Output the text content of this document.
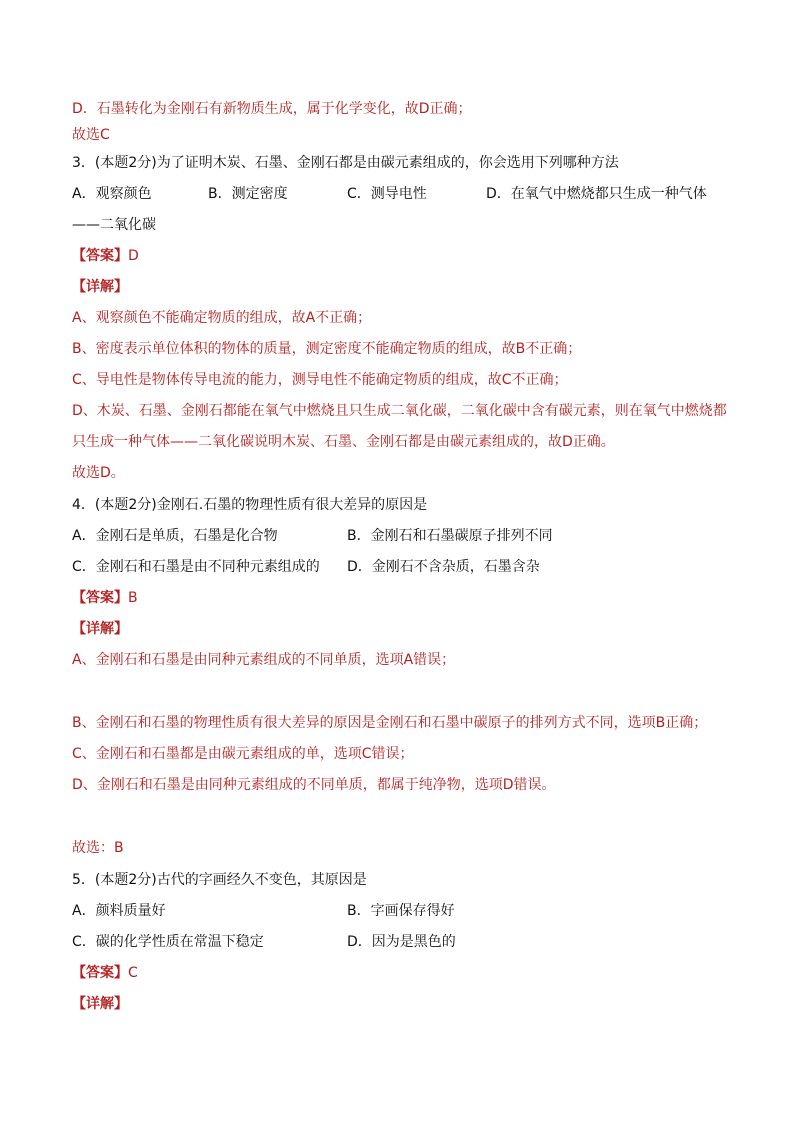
D．石墨转化为金刚石有新物质生成，属于化学变化，故D正确；
故选C
3．(本题2分)为了证明木炭、石墨、金刚石都是由碳元素组成的，你会选用下列哪种方法
A．观察颜色	B．测定密度	C．测导电性	D．在氧气中燃烧都只生成一种气体
——二氧化碳
【答案】D
【详解】
A、观察颜色不能确定物质的组成，故A不正确；
B、密度表示单位体积的物体的质量，测定密度不能确定物质的组成，故B不正确；
C、导电性是物体传导电流的能力，测导电性不能确定物质的组成，故C不正确；
D、木炭、石墨、金刚石都能在氧气中燃烧且只生成二氧化碳，二氧化碳中含有碳元素，则在氧气中燃烧都
只生成一种气体——二氧化碳说明木炭、石墨、金刚石都是由碳元素组成的，故D正确。
故选D。
4．(本题2分)金刚石.石墨的物理性质有很大差异的原因是
A．金刚石是单质，石墨是化合物	B．金刚石和石墨碳原子排列不同
C．金刚石和石墨是由不同种元素组成的 D．金刚石不含杂质，石墨含杂
【答案】B
【详解】
A、金刚石和石墨是由同种元素组成的不同单质，选项A错误；
B、金刚石和石墨的物理性质有很大差异的原因是金刚石和石墨中碳原子的排列方式不同，选项B正确；
C、金刚石和石墨都是由碳元素组成的单，选项C错误；
D、金刚石和石墨是由同种元素组成的不同单质，都属于纯净物，选项D错误。
故选：B
5．(本题2分)古代的字画经久不变色，其原因是
A．颜料质量好	B．字画保存得好
C．碳的化学性质在常温下稳定	D．因为是黑色的
【答案】C
【详解】
